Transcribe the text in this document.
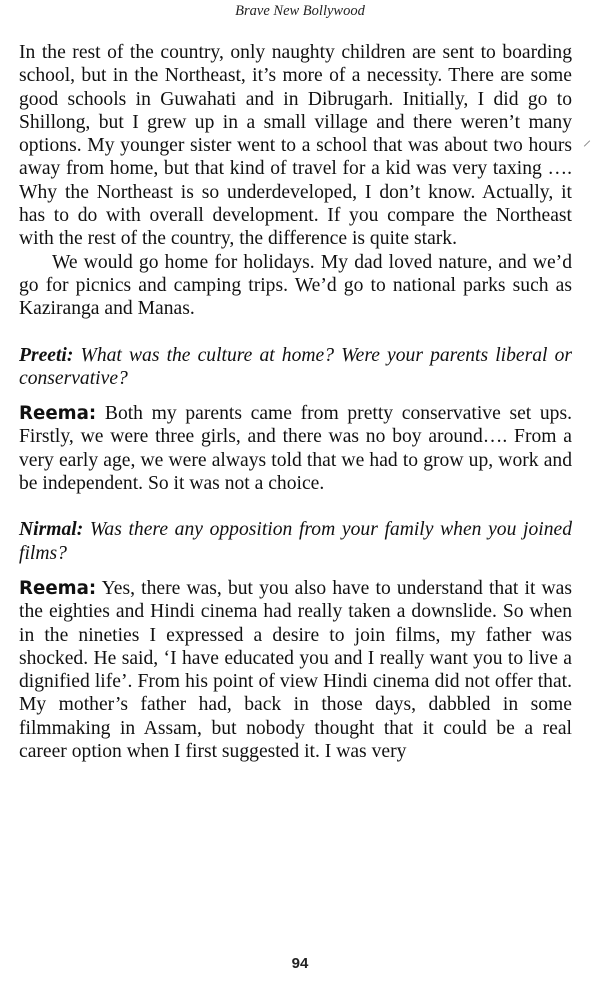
Brave New Bollywood

In the rest of the country, only naughty children are sent to boarding school, but in the Northeast, it’s more of a necessity. There are some good schools in Guwahati and in Dibrugarh. Initially, I did go to Shillong, but I grew up in a small village and there weren’t many options. My younger sister went to a school that was about two hours away from home, but that kind of travel for a kid was very taxing …. Why the Northeast is so underdeveloped, I don’t know. Actually, it has to do with overall development. If you compare the Northeast with the rest of the country, the difference is quite stark.

We would go home for holidays. My dad loved nature, and we’d go for picnics and camping trips. We’d go to national parks such as Kaziranga and Manas.

Preeti: What was the culture at home? Were your parents liberal or conservative?

Reema: Both my parents came from pretty conservative set ups. Firstly, we were three girls, and there was no boy around…. From a very early age, we were always told that we had to grow up, work and be independent. So it was not a choice.

Nirmal: Was there any opposition from your family when you joined films?

Reema: Yes, there was, but you also have to understand that it was the eighties and Hindi cinema had really taken a downslide. So when in the nineties I expressed a desire to join films, my father was shocked. He said, ‘I have educated you and I really want you to live a dignified life’. From his point of view Hindi cinema did not offer that. My mother’s father had, back in those days, dabbled in some filmmaking in Assam, but nobody thought that it could be a real career option when I first suggested it. I was very

94
